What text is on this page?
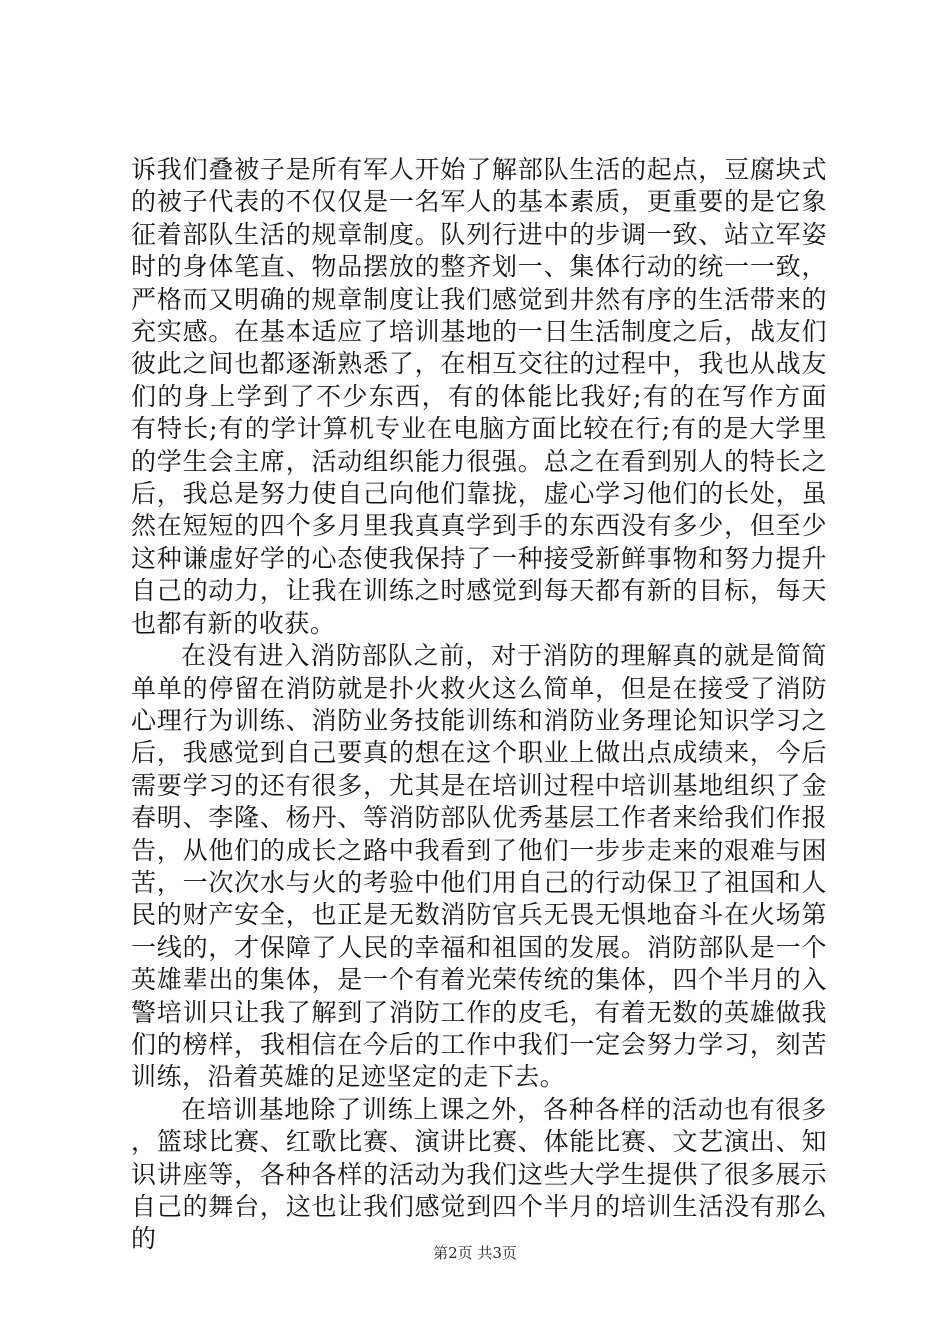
诉我们叠被子是所有军人开始了解部队生活的起点，豆腐块式的被子代表的不仅仅是一名军人的基本素质，更重要的是它象征着部队生活的规章制度。队列行进中的步调一致、站立军姿时的身体笔直、物品摆放的整齐划一、集体行动的统一一致，严格而又明确的规章制度让我们感觉到井然有序的生活带来的充实感。在基本适应了培训基地的一日生活制度之后，战友们彼此之间也都逐渐熟悉了，在相互交往的过程中，我也从战友们的身上学到了不少东西，有的体能比我好;有的在写作方面有特长;有的学计算机专业在电脑方面比较在行;有的是大学里的学生会主席，活动组织能力很强。总之在看到别人的特长之后，我总是努力使自己向他们靠拢，虚心学习他们的长处，虽然在短短的四个多月里我真真学到手的东西没有多少，但至少这种谦虚好学的心态使我保持了一种接受新鲜事物和努力提升自己的动力，让我在训练之时感觉到每天都有新的目标，每天也都有新的收获。

在没有进入消防部队之前，对于消防的理解真的就是简简单单的停留在消防就是扑火救火这么简单，但是在接受了消防心理行为训练、消防业务技能训练和消防业务理论知识学习之后，我感觉到自己要真的想在这个职业上做出点成绩来，今后需要学习的还有很多，尤其是在培训过程中培训基地组织了金春明、李隆、杨丹、等消防部队优秀基层工作者来给我们作报告，从他们的成长之路中我看到了他们一步步走来的艰难与困苦，一次次水与火的考验中他们用自己的行动保卫了祖国和人民的财产安全，也正是无数消防官兵无畏无惧地奋斗在火场第一线的，才保障了人民的幸福和祖国的发展。消防部队是一个英雄辈出的集体，是一个有着光荣传统的集体，四个半月的入警培训只让我了解到了消防工作的皮毛，有着无数的英雄做我们的榜样，我相信在今后的工作中我们一定会努力学习，刻苦训练，沿着英雄的足迹坚定的走下去。

在培训基地除了训练上课之外，各种各样的活动也有很多，篮球比赛、红歌比赛、演讲比赛、体能比赛、文艺演出、知识讲座等，各种各样的活动为我们这些大学生提供了很多展示自己的舞台，这也让我们感觉到四个半月的培训生活没有那么的	第2页 共3页
